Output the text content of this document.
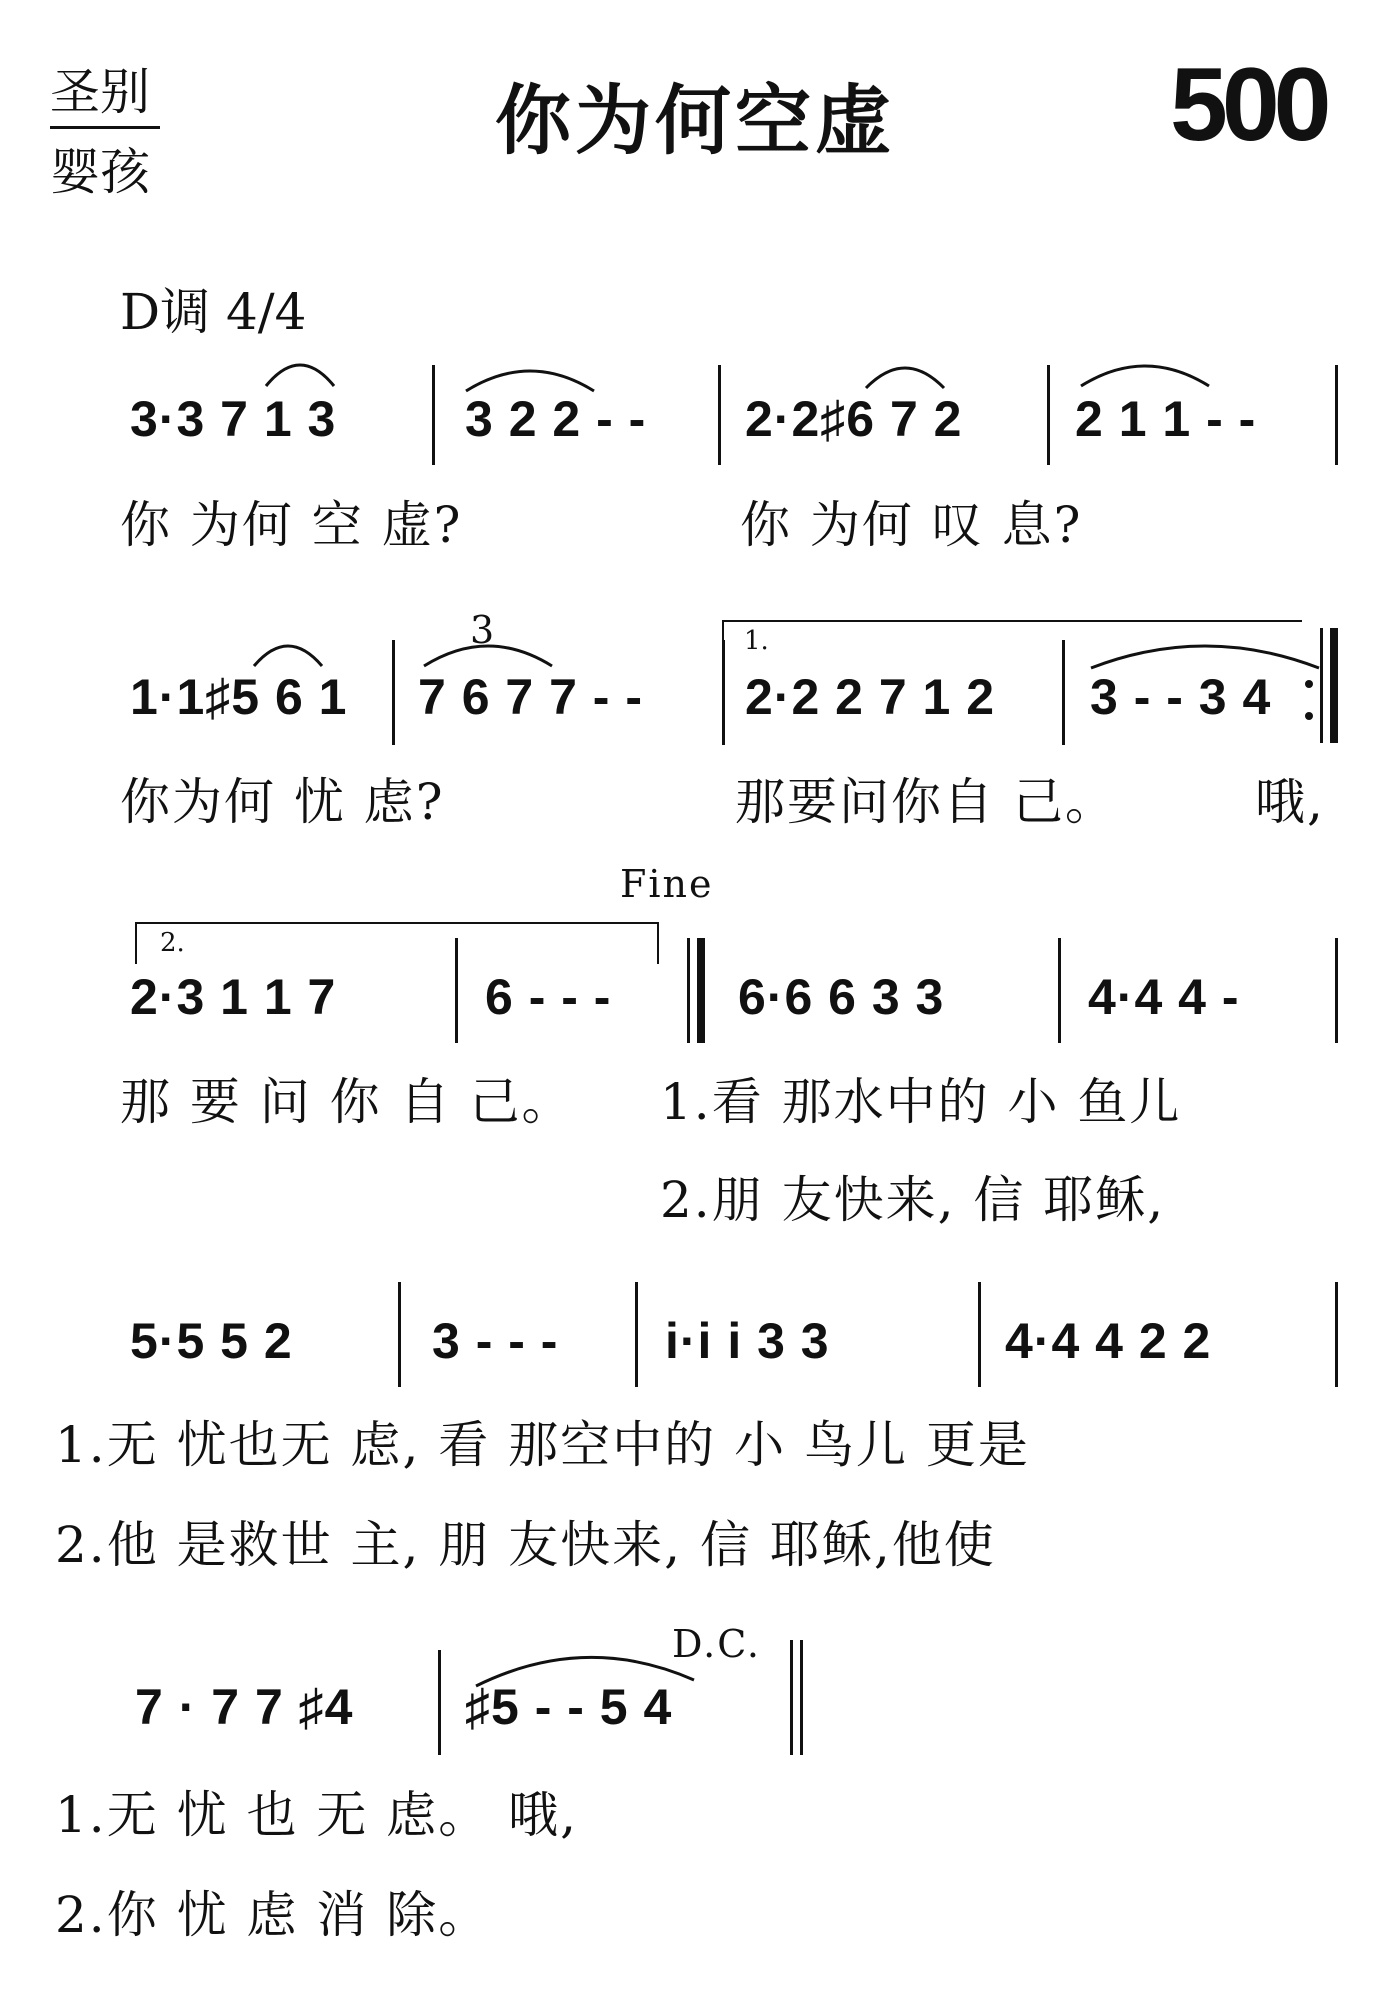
圣别
婴孩
你为何空虚	500
D调 4/4
3·3 7 1 3	3 2 2 - - 2·2♯6 7 2 2 1 1 - -
你 为何 空 虚?	你 为何 叹 息?
3	1.
1·1♯5 6 1 7 6 7 7 - - 2·2 2 7 1 2 3 - - 3 4
你为何 忧 虑?	那要问你自 己。	哦,
Fine
2.
2·3 1 1 7	6 - - -	6·6 6 3 3	4·4 4 -
那 要 问 你 自 己。 1.看 那水中的 小 鱼儿
2.朋 友快来, 信 耶稣,
5·5 5 2	3 - - - i·i i 3 3	4·4 4 2 2
1.无 忧也无 虑, 看 那空中的 小 鸟儿 更是
2.他 是救世 主, 朋 友快来, 信 耶稣,他使
D.C.
7 · 7 7 ♯4 ♯5 - - 5 4
1.无 忧 也 无 虑。 哦,
2.你 忧 虑 消 除。
